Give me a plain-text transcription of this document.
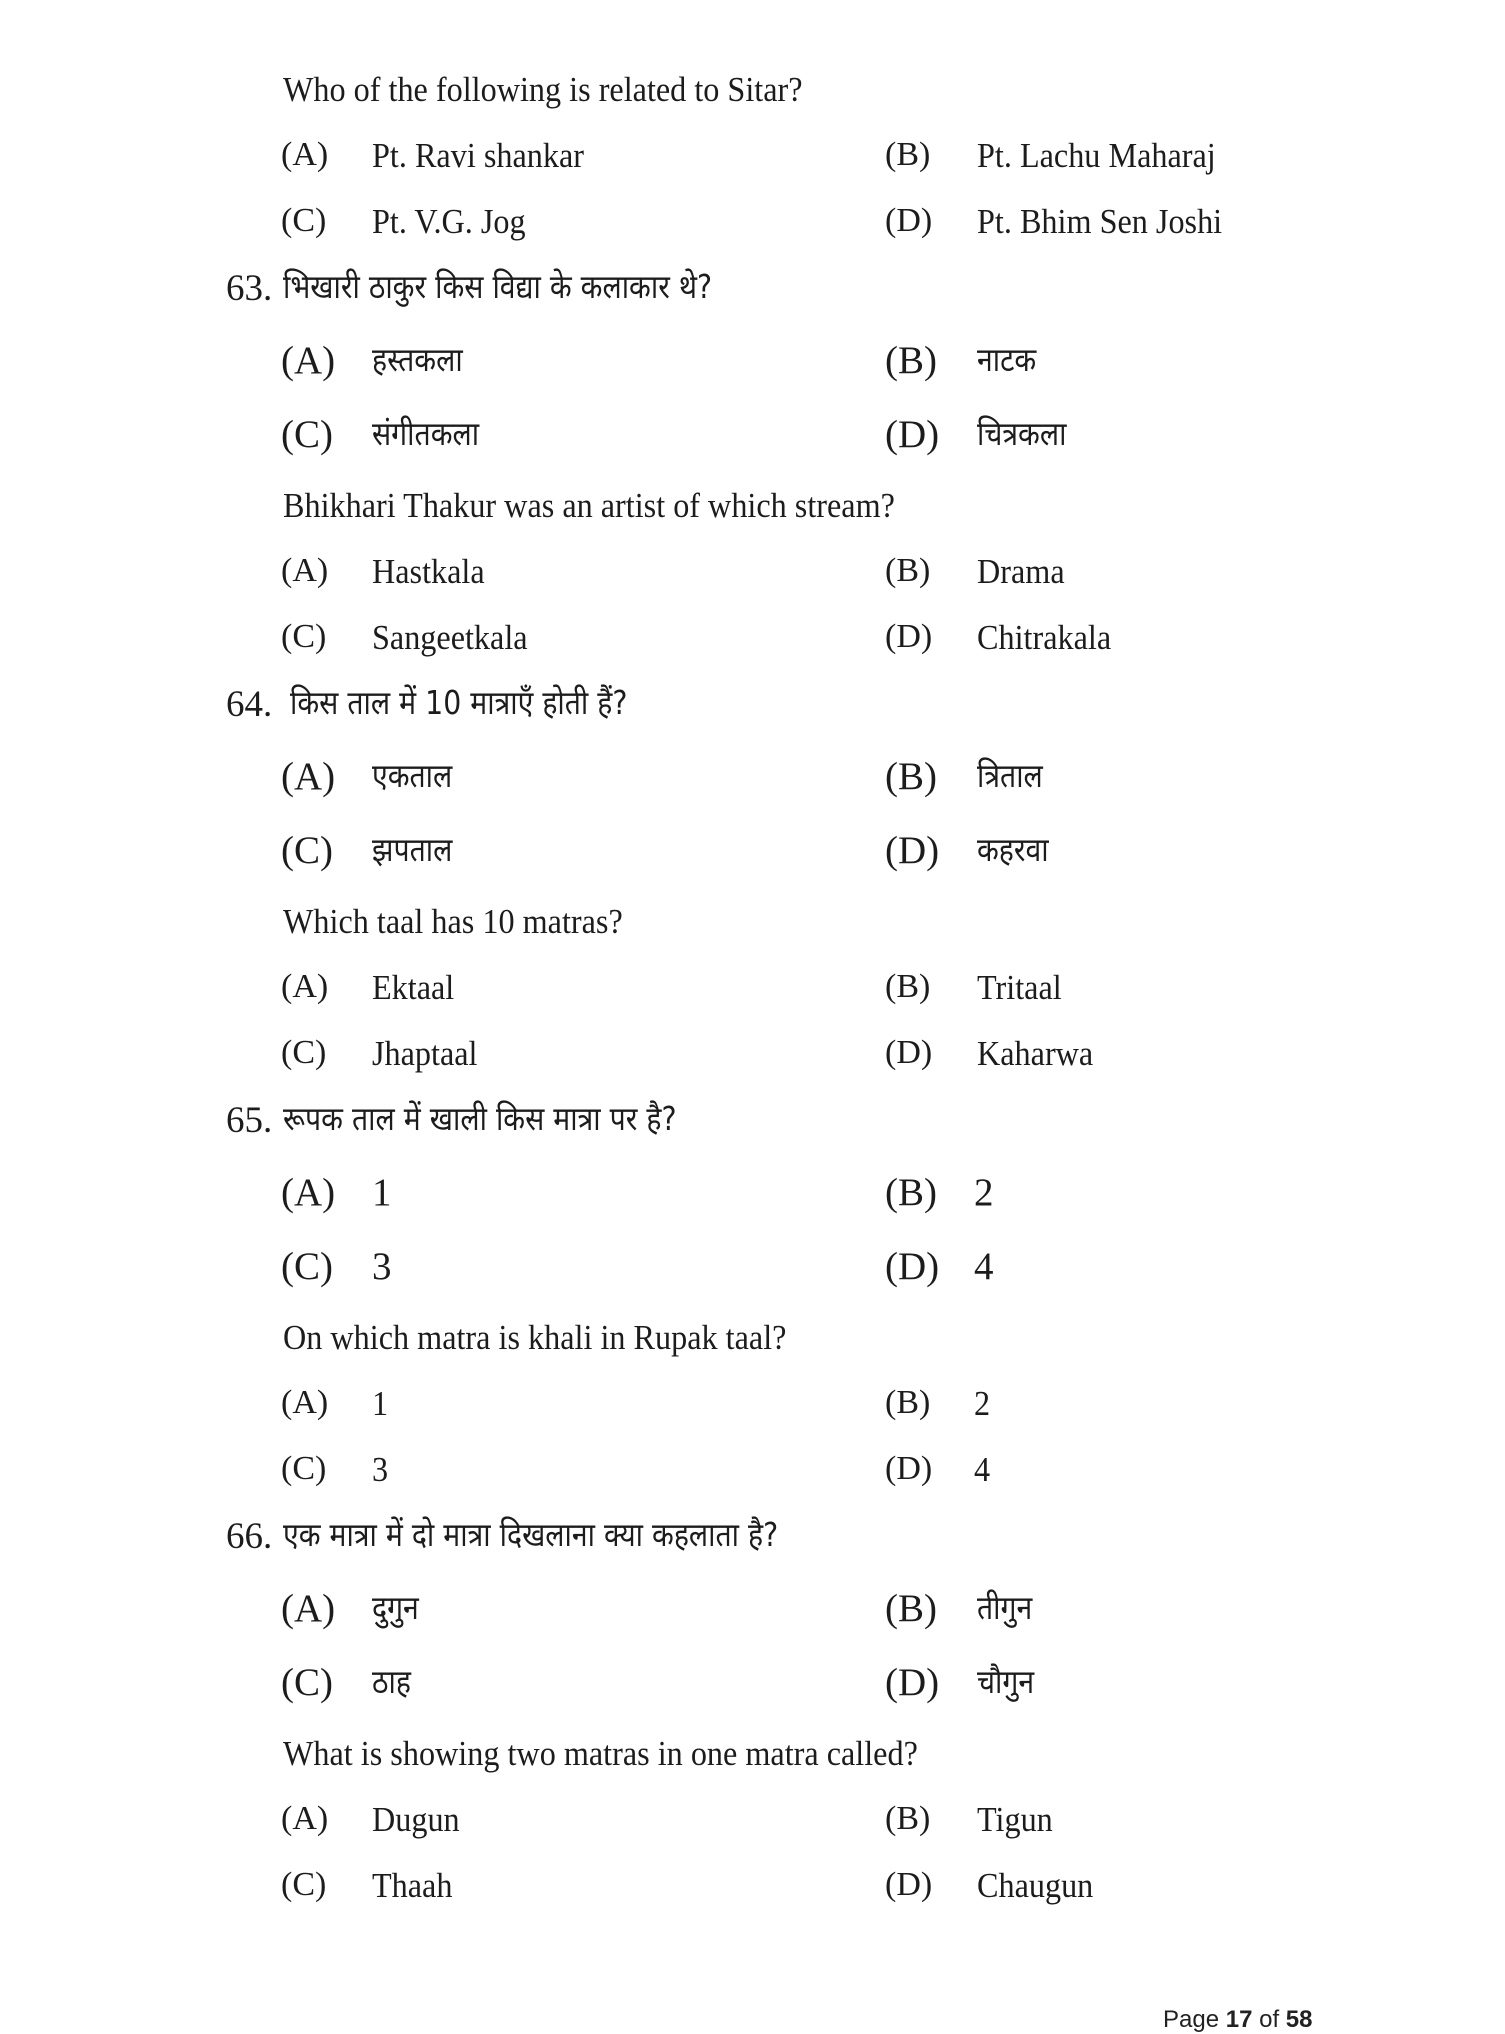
Who of the following is related to Sitar?
(A) Pt. Ravi shankar	(B) Pt. Lachu Maharaj
(C) Pt. V.G. Jog	(D) Pt. Bhim Sen Joshi
63. भिखारी ठाकुर किस विद्या के कलाकार थे?
(A) हस्तकला	(B) नाटक
(C) संगीतकला	(D) चित्रकला
Bhikhari Thakur was an artist of which stream?
(A) Hastkala	(B) Drama
(C) Sangeetkala	(D) Chitrakala
64. किस ताल में 10 मात्राएँ होती हैं?
(A) एकताल	(B) त्रिताल
(C) झपताल	(D) कहरवा
Which taal has 10 matras?
(A) Ektaal	(B) Tritaal
(C) Jhaptaal	(D) Kaharwa
65. रूपक ताल में खाली किस मात्रा पर है?
(A) 1	(B) 2
(C) 3	(D) 4
On which matra is khali in Rupak taal?
(A) 1	(B) 2
(C) 3	(D) 4
66. एक मात्रा में दो मात्रा दिखलाना क्या कहलाता है?
(A) दुगुन	(B) तीगुन
(C) ठाह	(D) चौगुन
What is showing two matras in one matra called?
(A) Dugun	(B) Tigun
(C) Thaah	(D) Chaugun
Page 17 of 58
